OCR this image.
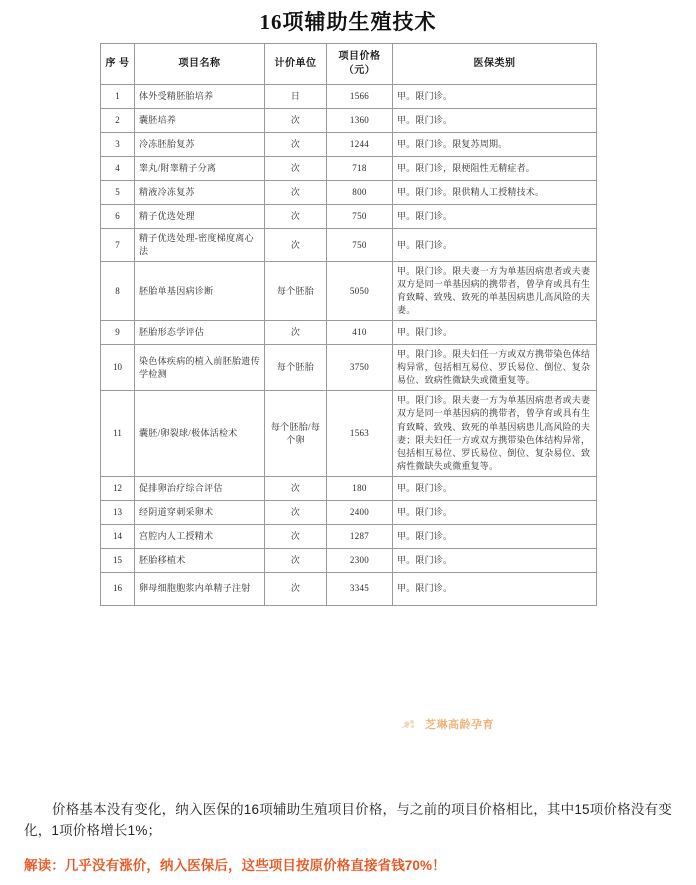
16项辅助生殖技术
序 号	项目名称	计价单位	项目价格
（元）	医保类别
1	体外受精胚胎培养	日	1566	甲。限门诊。
2	囊胚培养	次	1360	甲。限门诊。
3	冷冻胚胎复苏	次	1244	甲。限门诊。限复苏周期。
4	睾丸/附睾精子分离	次	718	甲。限门诊，限梗阻性无精症者。
5	精液冷冻复苏	次	800	甲。限门诊。限供精人工授精技术。
6	精子优选处理	次	750	甲。限门诊。
7	精子优选处理-密度梯度离心法	次	750	甲。限门诊。
8	胚胎单基因病诊断	每个胚胎	5050	甲。限门诊。限夫妻一方为单基因病患者或夫妻双方是同一单基因病的携带者，曾孕育或具有生育致畸、致残、致死的单基因病患儿高风险的夫妻。
9	胚胎形态学评估	次	410	甲。限门诊。
10	染色体疾病的植入前胚胎遗传学检测	每个胚胎	3750	甲。限门诊。限夫妇任一方或双方携带染色体结构异常，包括相互易位、罗氏易位、倒位、复杂易位、致病性微缺失或微重复等。
11	囊胚/卵裂球/极体活检术	每个胚胎/每个卵	1563	甲。限门诊。限夫妻一方为单基因病患者或夫妻双方是同一单基因病的携带者，曾孕育或具有生育致畸、致残、致死的单基因病患儿高风险的夫妻；限夫妇任一方或双方携带染色体结构异常，包括相互易位、罗氏易位、倒位、复杂易位、致病性微缺失或微重复等。
12	促排卵治疗综合评估	次	180	甲。限门诊。
13	经阴道穿刺采卵术	次	2400	甲。限门诊。
14	宫腔内人工授精术	次	1287	甲。限门诊。
15	胚胎移植术	次	2300	甲。限门诊。
16	卵母细胞胞浆内单精子注射	次	3345	甲。限门诊。
芝琳高龄孕育

价格基本没有变化，纳入医保的16项辅助生殖项目价格，与之前的项目价格相比，其中15项价格没有变化，1项价格增长1%；

解读：几乎没有涨价，纳入医保后，这些项目按原价格直接省钱70%！
